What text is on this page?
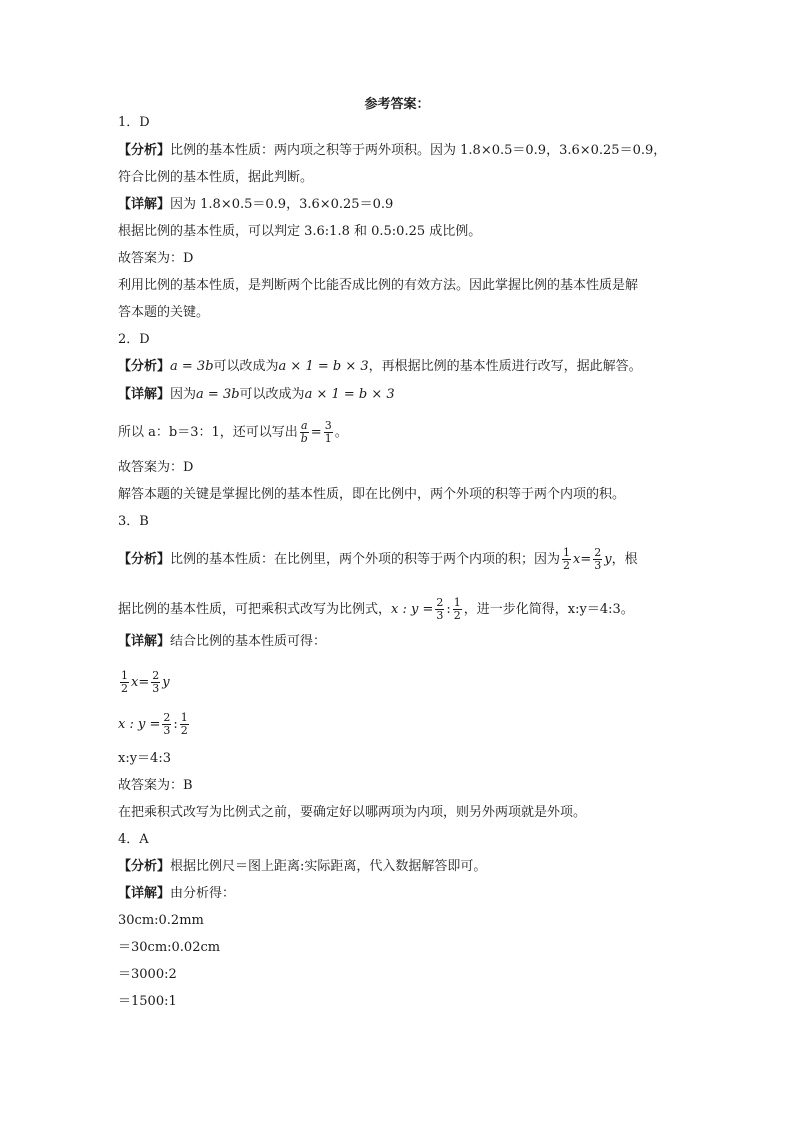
参考答案：
1．D
【分析】比例的基本性质：两内项之积等于两外项积。因为 1.8×0.5＝0.9，3.6×0.25＝0.9，
符合比例的基本性质，据此判断。
【详解】因为 1.8×0.5＝0.9，3.6×0.25＝0.9
根据比例的基本性质，可以判定 3.6:1.8 和 0.5:0.25 成比例。
故答案为：D
利用比例的基本性质，是判断两个比能否成比例的有效方法。因此掌握比例的基本性质是解
答本题的关键。
2．D
【分析】a = 3b可以改成为a × 1 = b × 3，再根据比例的基本性质进行改写，据此解答。
【详解】因为a = 3b可以改成为a × 1 = b × 3
所以 a：b＝3：1，还可以写出 $\frac{a}{b} = \frac{3}{1}$ 。
故答案为：D
解答本题的关键是掌握比例的基本性质，即在比例中，两个外项的积等于两个内项的积。
3．B
【分析】比例的基本性质：在比例里，两个外项的积等于两个内项的积；因为 $\frac{1}{2} x= \frac{2}{3}$ y，根
据比例的基本性质，可把乘积式改写为比例式，x : $y = \frac{2}{3}$ : $\frac{1}{2}$ ，进一步化简得，x:y＝4:3。
【详解】结合比例的基本性质可得：
$\frac{1}{2} x= \frac{2}{3}$ y
x : $y = \frac{2}{3}$ : $\frac{1}{2}$
x:y＝4:3
故答案为：B
在把乘积式改写为比例式之前，要确定好以哪两项为内项，则另外两项就是外项。
4．A
【分析】根据比例尺＝图上距离:实际距离，代入数据解答即可。
【详解】由分析得：
30cm:0.2mm
＝30cm:0.02cm
＝3000:2
＝1500:1
